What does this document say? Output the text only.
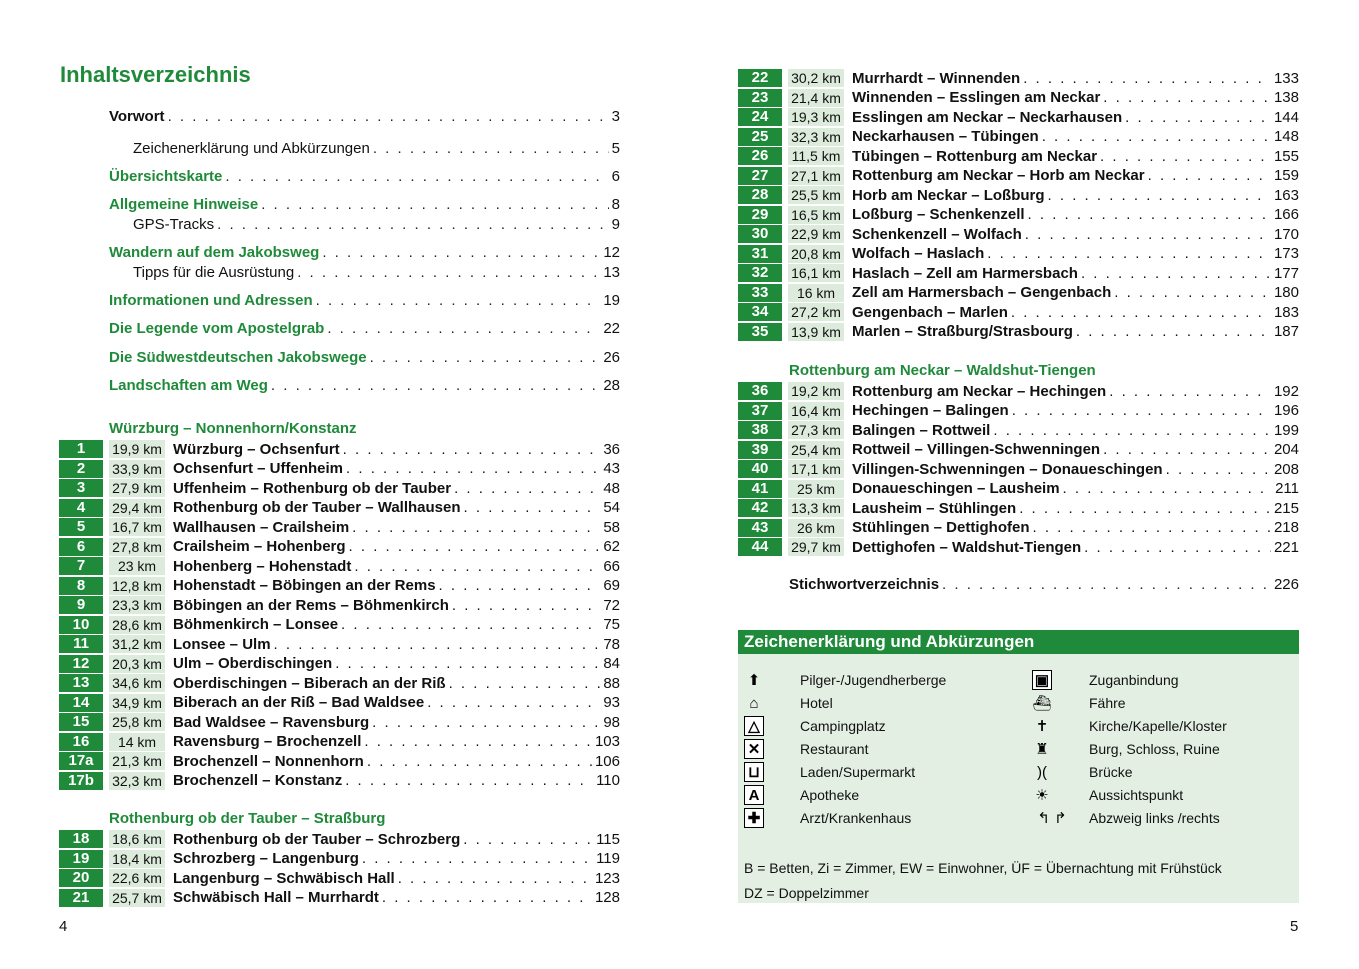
Inhaltsverzeichnis
Vorwort . . .	3
Zeichenerklärung und Abkürzungen . . .	5
Übersichtskarte . . .	6
Allgemeine Hinweise . . .	8
GPS-Tracks . . .	9
Wandern auf dem Jakobsweg . . .	12
Tipps für die Ausrüstung . . .	13
Informationen und Adressen . . .	19
Die Legende vom Apostelgrab . . .	22
Die Südwestdeutschen Jakobswege . . .	26
Landschaften am Weg . . .	28
Würzburg – Nonnenhorn/Konstanz
1	19,9 km Würzburg – Ochsenfurt . . .	36
2	33,9 km Ochsenfurt – Uffenheim . . .	43
3	27,9 km Uffenheim – Rothenburg ob der Tauber . . .	48
4	29,4 km Rothenburg ob der Tauber – Wallhausen . . .	54
5	16,7 km Wallhausen – Crailsheim . . .	58
6	27,8 km Crailsheim – Hohenberg . . .	62
7	23 km	Hohenberg – Hohenstadt . . .	66
8	12,8 km Hohenstadt – Böbingen an der Rems . . .	69
9	23,3 km Böbingen an der Rems – Böhmenkirch . . .	72
10	28,6 km Böhmenkirch – Lonsee . . .	75
11	31,2 km Lonsee – Ulm . . .	78
12	20,3 km Ulm – Oberdischingen . . .	84
13	34,6 km Oberdischingen – Biberach an der Riß . . .	88
14	34,9 km Biberach an der Riß – Bad Waldsee . . .	93
15	25,8 km Bad Waldsee – Ravensburg . . .	98
16	14 km	Ravensburg – Brochenzell . . .	103
17a	21,3 km Brochenzell – Nonnenhorn . . .	106
17b	32,3 km Brochenzell – Konstanz . . .	110
Rothenburg ob der Tauber – Straßburg
18	18,6 km Rothenburg ob der Tauber – Schrozberg . . .	115
19	18,4 km Schrozberg – Langenburg . . .	119
20	22,6 km Langenburg – Schwäbisch Hall . . .	123
21	25,7 km Schwäbisch Hall – Murrhardt . . .	128
4
22	30,2 km Murrhardt – Winnenden . . .	133
23	21,4 km Winnenden – Esslingen am Neckar . . .	138
24	19,3 km Esslingen am Neckar – Neckarhausen . . .	144
25	32,3 km Neckarhausen – Tübingen . . .	148
26	11,5 km Tübingen – Rottenburg am Neckar . . .	155
27	27,1 km Rottenburg am Neckar – Horb am Neckar . . .	159
28	25,5 km Horb am Neckar – Loßburg . . .	163
29	16,5 km Loßburg – Schenkenzell . . .	166
30	22,9 km Schenkenzell – Wolfach . . .	170
31	20,8 km Wolfach – Haslach . . .	173
32	16,1 km Haslach – Zell am Harmersbach . . .	177
33	16 km	Zell am Harmersbach – Gengenbach . . .	180
34	27,2 km Gengenbach – Marlen . . .	183
35	13,9 km Marlen – Straßburg/Strasbourg . . .	187
Rottenburg am Neckar – Waldshut-Tiengen
36	19,2 km Rottenburg am Neckar – Hechingen . . .	192
37	16,4 km Hechingen – Balingen . . .	196
38	27,3 km Balingen – Rottweil . . .	199
39	25,4 km Rottweil – Villingen-Schwenningen . . .	204
40	17,1 km Villingen-Schwenningen – Donaueschingen . . .	208
41	25 km	Donaueschingen – Lausheim . . .	211
42	13,3 km Lausheim – Stühlingen . . .	215
43	26 km	Stühlingen – Dettighofen . . .	218
44	29,7 km Dettighofen – Waldshut-Tiengen . . .	221
Stichwortverzeichnis . . .	226
5
Zeichenerklärung und Abkürzungen
⬆	Pilger-/Jugendherberge
⌂	Hotel
△	Campingplatz
✕	Restaurant
⊔	Laden/Supermarkt
A	Apotheke
✚	Arzt/Krankenhaus
▣	Zuganbindung
⛴	Fähre
✝	Kirche/Kapelle/Kloster
♜	Burg, Schloss, Ruine
)(	Brücke
☀	Aussichtspunkt
↰ ↱	Abzweig links /rechts
B = Betten, Zi = Zimmer, EW = Einwohner, ÜF = Übernachtung mit Frühstück
DZ = Doppelzimmer
